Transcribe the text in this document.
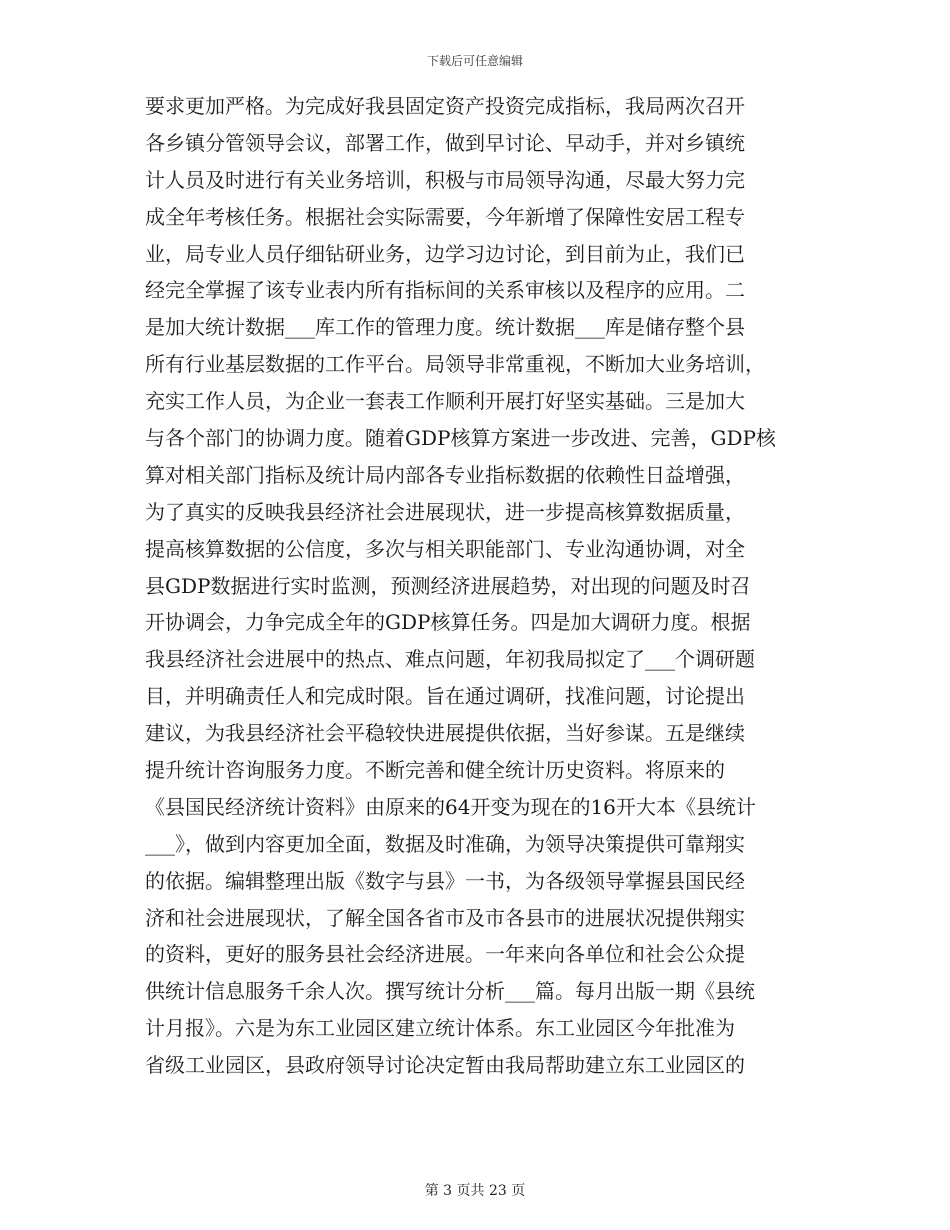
下载后可任意编辑
要求更加严格。为完成好我县固定资产投资完成指标，我局两次召开
各乡镇分管领导会议，部署工作，做到早讨论、早动手，并对乡镇统
计人员及时进行有关业务培训，积极与市局领导沟通，尽最大努力完
成全年考核任务。根据社会实际需要，今年新增了保障性安居工程专
业，局专业人员仔细钻研业务，边学习边讨论，到目前为止，我们已
经完全掌握了该专业表内所有指标间的关系审核以及程序的应用。二
是加大统计数据___库工作的管理力度。统计数据___库是储存整个县
所有行业基层数据的工作平台。局领导非常重视，不断加大业务培训，
充实工作人员，为企业一套表工作顺利开展打好坚实基础。三是加大
与各个部门的协调力度。随着GDP核算方案进一步改进、完善，GDP核
算对相关部门指标及统计局内部各专业指标数据的依赖性日益增强，
为了真实的反映我县经济社会进展现状，进一步提高核算数据质量，
提高核算数据的公信度，多次与相关职能部门、专业沟通协调，对全
县GDP数据进行实时监测，预测经济进展趋势，对出现的问题及时召
开协调会，力争完成全年的GDP核算任务。四是加大调研力度。根据
我县经济社会进展中的热点、难点问题，年初我局拟定了___个调研题
目，并明确责任人和完成时限。旨在通过调研，找准问题，讨论提出
建议，为我县经济社会平稳较快进展提供依据，当好参谋。五是继续
提升统计咨询服务力度。不断完善和健全统计历史资料。将原来的
《县国民经济统计资料》由原来的64开变为现在的16开大本《县统计
___》，做到内容更加全面，数据及时准确，为领导决策提供可靠翔实
的依据。编辑整理出版《数字与县》一书，为各级领导掌握县国民经
济和社会进展现状，了解全国各省市及市各县市的进展状况提供翔实
的资料，更好的服务县社会经济进展。一年来向各单位和社会公众提
供统计信息服务千余人次。撰写统计分析___篇。每月出版一期《县统
计月报》。六是为东工业园区建立统计体系。东工业园区今年批准为
省级工业园区，县政府领导讨论决定暂由我局帮助建立东工业园区的
第 3 页共 23 页
